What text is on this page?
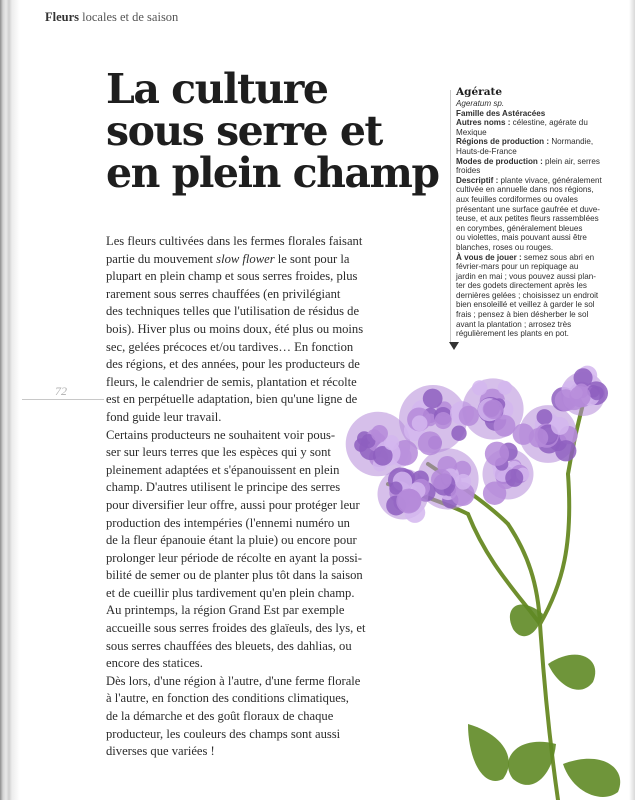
Fleurs locales et de saison
La culture
sous serre et
en plein champ
Les fleurs cultivées dans les fermes florales faisant
partie du mouvement slow flower le sont pour la
plupart en plein champ et sous serres froides, plus
rarement sous serres chauffées (en privilégiant
des techniques telles que l'utilisation de résidus de
bois). Hiver plus ou moins doux, été plus ou moins
sec, gelées précoces et/ou tardives… En fonction
des régions, et des années, pour les producteurs de
fleurs, le calendrier de semis, plantation et récolte
est en perpétuelle adaptation, bien qu'une ligne de
fond guide leur travail.
Certains producteurs ne souhaitent voir pous-
ser sur leurs terres que les espèces qui y sont
pleinement adaptées et s'épanouissent en plein
champ. D'autres utilisent le principe des serres
pour diversifier leur offre, aussi pour protéger leur
production des intempéries (l'ennemi numéro un
de la fleur épanouie étant la pluie) ou encore pour
prolonger leur période de récolte en ayant la possi-
bilité de semer ou de planter plus tôt dans la saison
et de cueillir plus tardivement qu'en plein champ.
Au printemps, la région Grand Est par exemple
accueille sous serres froides des glaïeuls, des lys, et
sous serres chauffées des bleuets, des dahlias, ou
encore des statices.
Dès lors, d'une région à l'autre, d'une ferme florale
à l'autre, en fonction des conditions climatiques,
de la démarche et des goût floraux de chaque
producteur, les couleurs des champs sont aussi
diverses que variées !
72
Agérate
Ageratum sp.
Famille des Astéracées
Autres noms : célestine, agérate du
Mexique
Régions de production : Normandie,
Hauts-de-France
Modes de production : plein air, serres
froides
Descriptif : plante vivace, généralement
cultivée en annuelle dans nos régions,
aux feuilles cordiformes ou ovales
présentant une surface gaufrée et duve-
teuse, et aux petites fleurs rassemblées
en corymbes, généralement bleues
ou violettes, mais pouvant aussi être
blanches, roses ou rouges.
À vous de jouer : semez sous abri en
février-mars pour un repiquage au
jardin en mai ; vous pouvez aussi plan-
ter des godets directement après les
dernières gelées ; choisissez un endroit
bien ensoleillé et veillez à garder le sol
frais ; pensez à bien désherber le sol
avant la plantation ; arrosez très
régulièrement les plants en pot.
